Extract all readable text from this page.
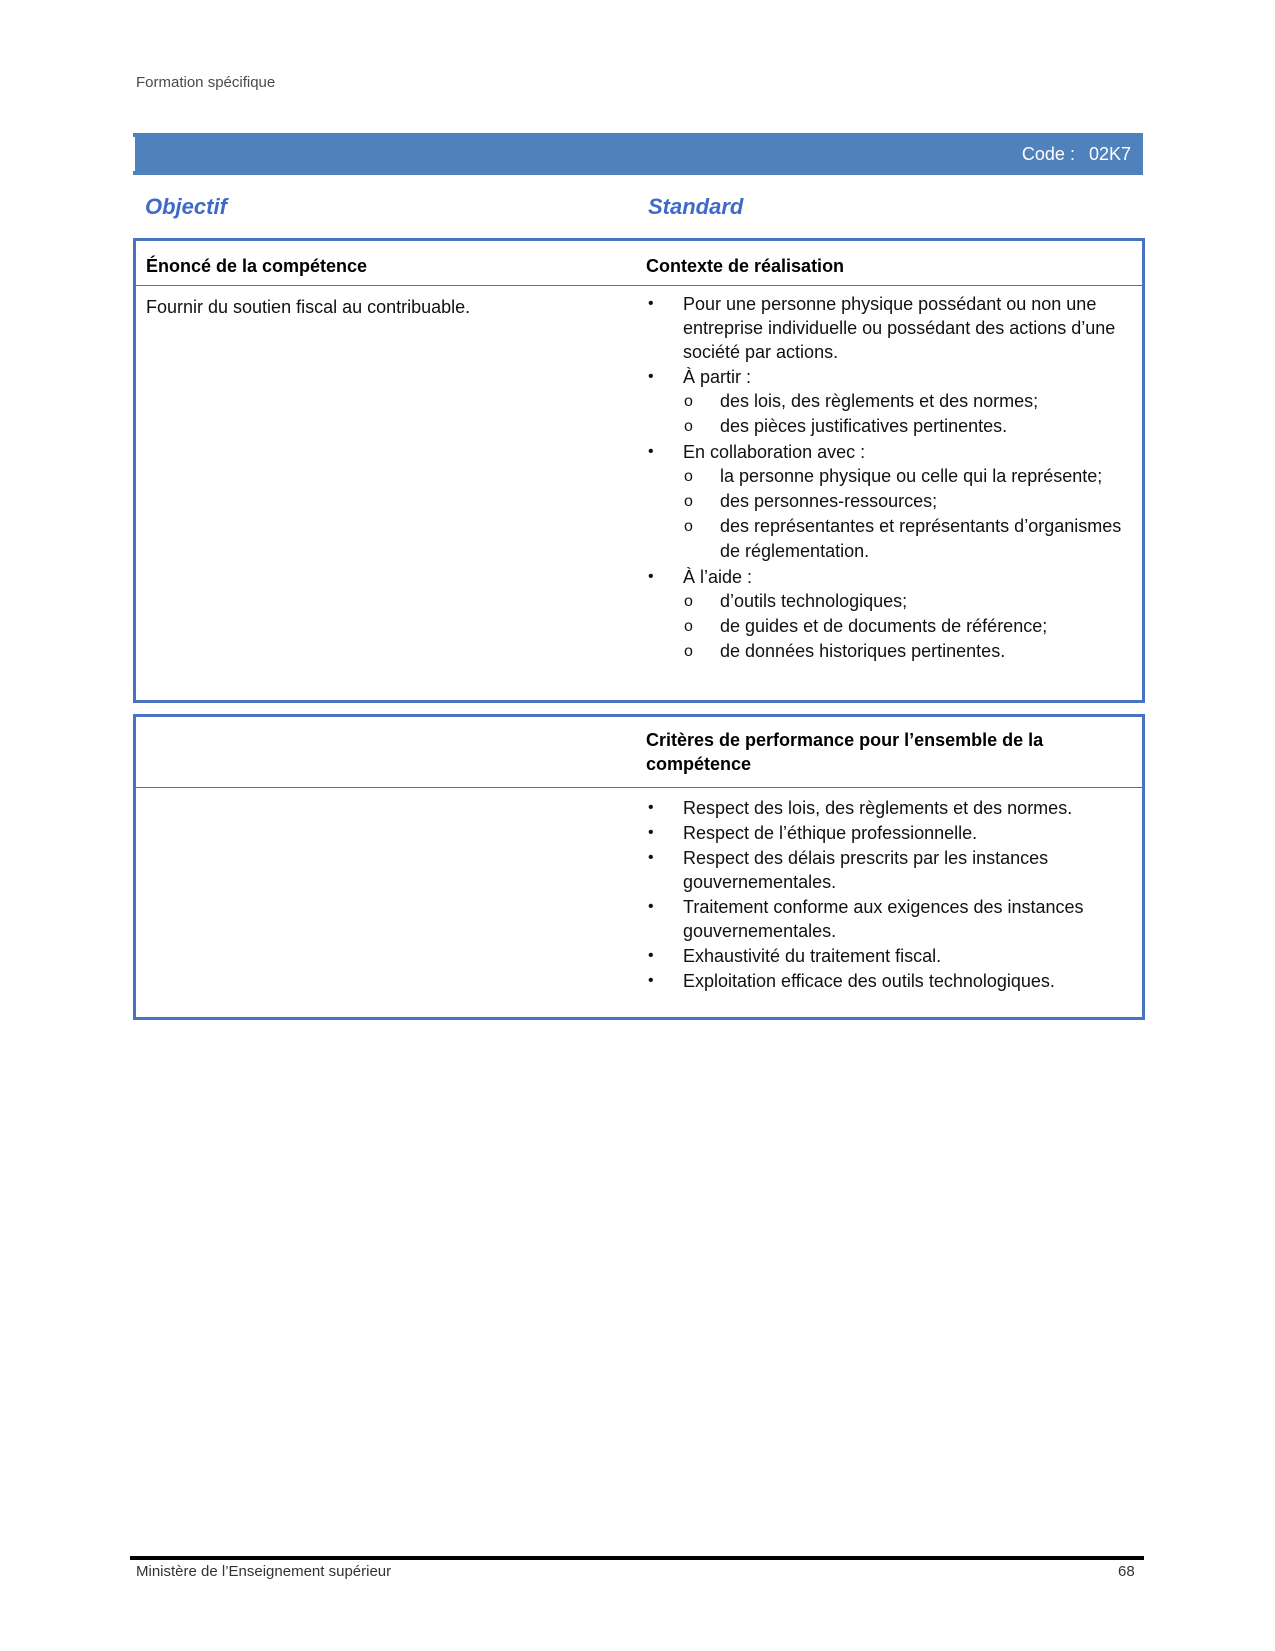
Formation spécifique
Code : 02K7
Objectif	Standard
Énoncé de la compétence	Contexte de réalisation
Fournir du soutien fiscal au contribuable.	• Pour une personne physique possédant ou non une entreprise individuelle ou possédant des actions d’une société par actions.
• À partir :
o des lois, des règlements et des normes;
o des pièces justificatives pertinentes.
• En collaboration avec :
o la personne physique ou celle qui la représente;
o des personnes-ressources;
o des représentantes et représentants d’organismes de réglementation.
• À l’aide :
o d’outils technologiques;
o de guides et de documents de référence;
o de données historiques pertinentes.
Critères de performance pour l’ensemble de la compétence
• Respect des lois, des règlements et des normes.
• Respect de l’éthique professionnelle.
• Respect des délais prescrits par les instances gouvernementales.
• Traitement conforme aux exigences des instances gouvernementales.
• Exhaustivité du traitement fiscal.
• Exploitation efficace des outils technologiques.
Ministère de l’Enseignement supérieur	68
